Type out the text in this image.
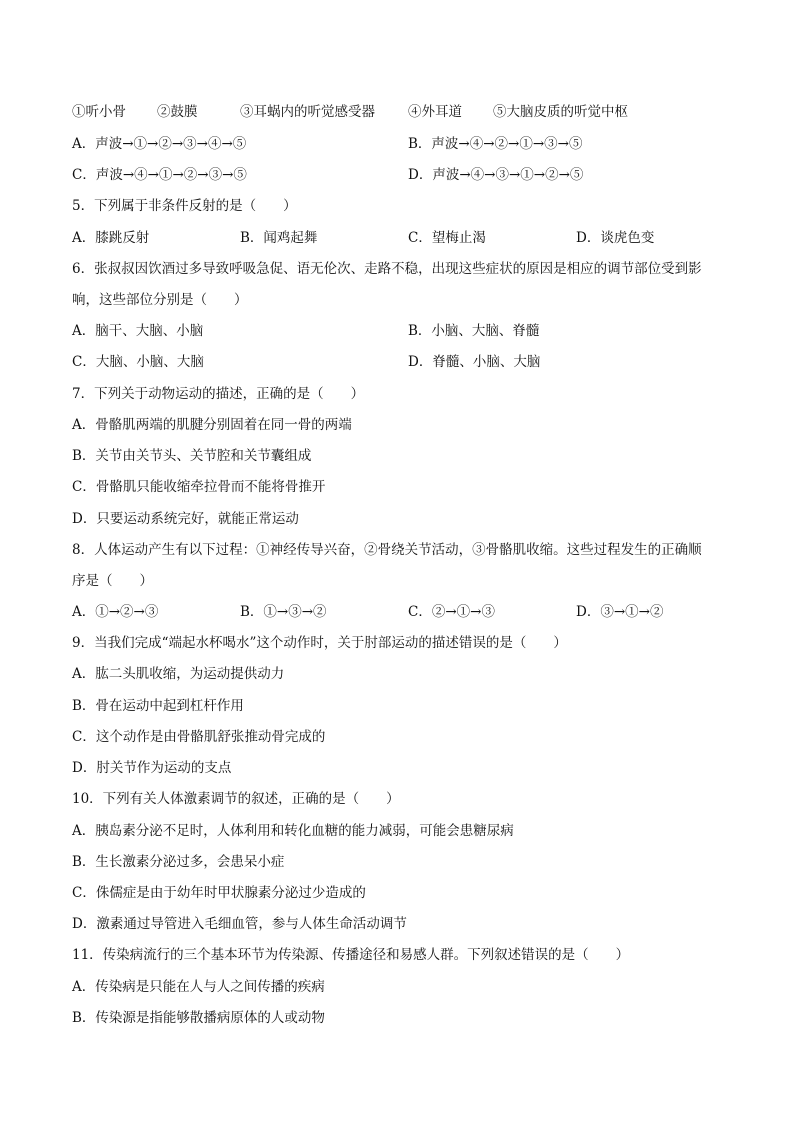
①听小骨 ②鼓膜	③耳蜗内的听觉感受器 ④外耳道 ⑤大脑皮质的听觉中枢
A．声波→①→②→③→④→⑤	B．声波→④→②→①→③→⑤
C．声波→④→①→②→③→⑤	D．声波→④→③→①→②→⑤
5．下列属于非条件反射的是（　　）
A．膝跳反射	B．闻鸡起舞	C．望梅止渴	D．谈虎色变
6．张叔叔因饮酒过多导致呼吸急促、语无伦次、走路不稳，出现这些症状的原因是相应的调节部位受到影
响，这些部位分别是（　　）
A．脑干、大脑、小脑	B．小脑、大脑、脊髓
C．大脑、小脑、大脑	D．脊髓、小脑、大脑
7．下列关于动物运动的描述，正确的是（　　）
A．骨骼肌两端的肌腱分别固着在同一骨的两端
B．关节由关节头、关节腔和关节囊组成
C．骨骼肌只能收缩牵拉骨而不能将骨推开
D．只要运动系统完好，就能正常运动
8．人体运动产生有以下过程：①神经传导兴奋，②骨绕关节活动，③骨骼肌收缩。这些过程发生的正确顺
序是（　　）
A．①→②→③	B．①→③→②	C．②→①→③	D．③→①→②
9．当我们完成“端起水杯喝水”这个动作时，关于肘部运动的描述错误的是（　　）
A．肱二头肌收缩，为运动提供动力
B．骨在运动中起到杠杆作用
C．这个动作是由骨骼肌舒张推动骨完成的
D．肘关节作为运动的支点
10．下列有关人体激素调节的叙述，正确的是（　　）
A．胰岛素分泌不足时，人体利用和转化血糖的能力减弱，可能会患糖尿病
B．生长激素分泌过多，会患呆小症
C．侏儒症是由于幼年时甲状腺素分泌过少造成的
D．激素通过导管进入毛细血管，参与人体生命活动调节
11．传染病流行的三个基本环节为传染源、传播途径和易感人群。下列叙述错误的是（　　）
A．传染病是只能在人与人之间传播的疾病
B．传染源是指能够散播病原体的人或动物
